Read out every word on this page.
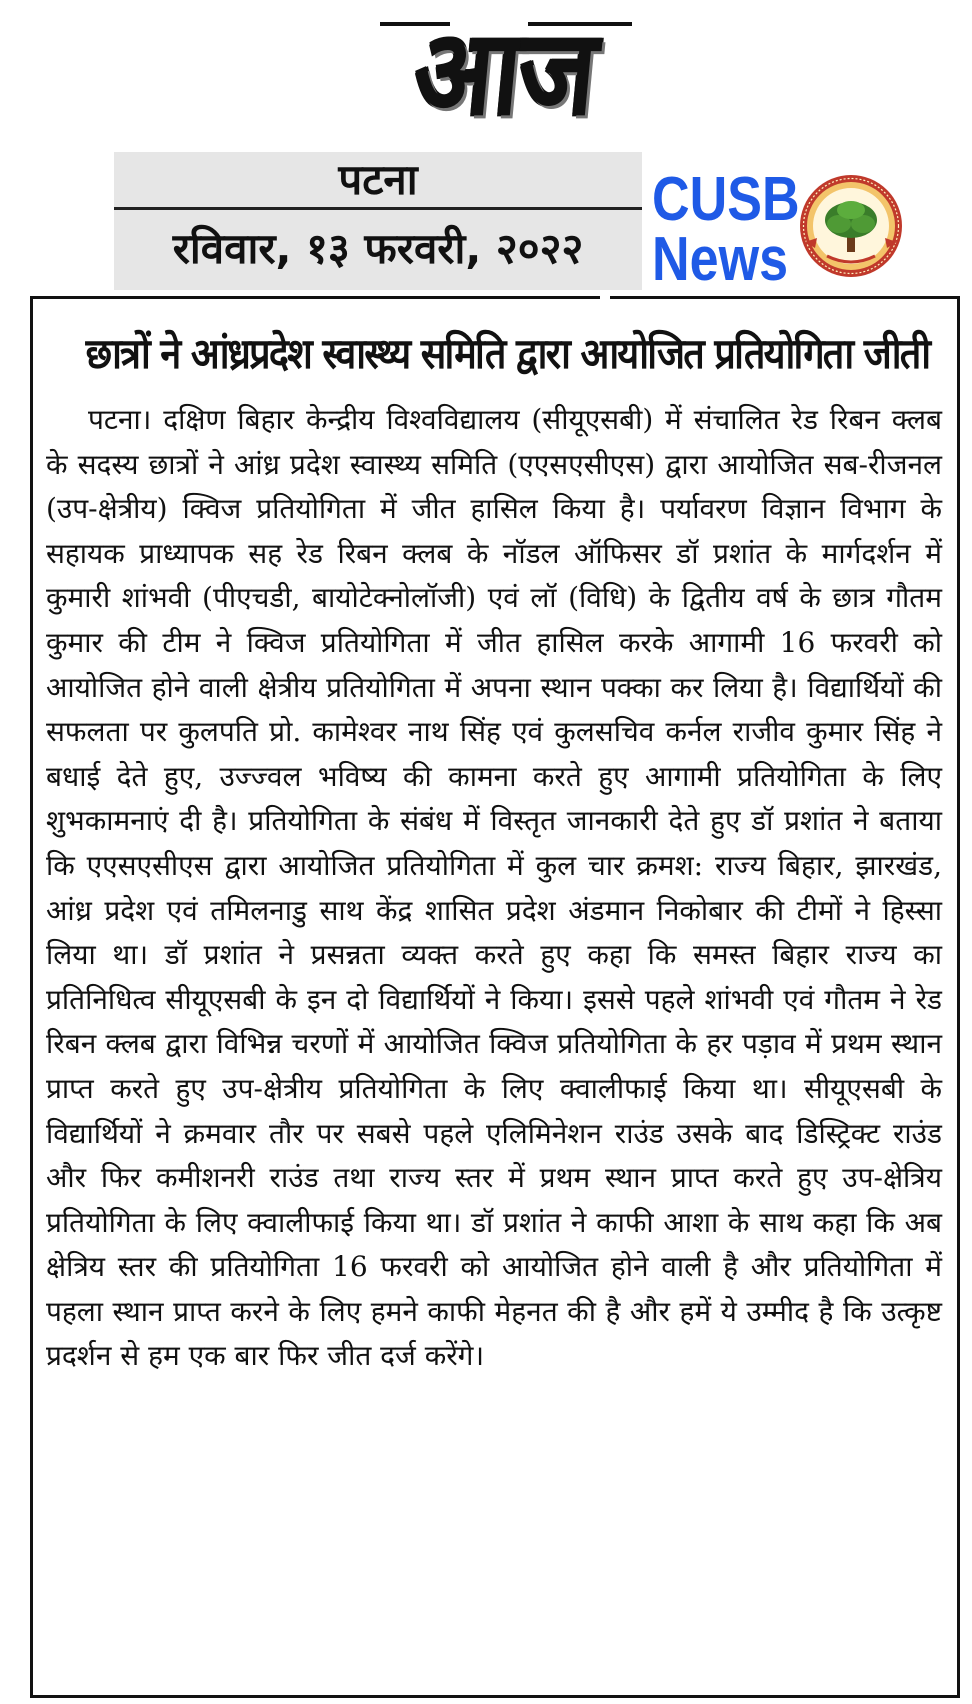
आज
पटना
रविवार, १३ फरवरी, २०२२
CUSB
News
छात्रों ने आंध्रप्रदेश स्वास्थ्य समिति द्वारा आयोजित प्रतियोगिता जीती
पटना। दक्षिण बिहार केन्द्रीय विश्वविद्यालय (सीयूएसबी) में संचालित रेड रिबन क्लब के सदस्य छात्रों ने आंध्र प्रदेश स्वास्थ्य समिति (एएसएसीएस) द्वारा आयोजित सब-रीजनल (उप-क्षेत्रीय) क्विज प्रतियोगिता में जीत हासिल किया है। पर्यावरण विज्ञान विभाग के सहायक प्राध्यापक सह रेड रिबन क्लब के नॉडल ऑफिसर डॉ प्रशांत के मार्गदर्शन में कुमारी शांभवी (पीएचडी, बायोटेक्नोलॉजी) एवं लॉ (विधि) के द्वितीय वर्ष के छात्र गौतम कुमार की टीम ने क्विज प्रतियोगिता में जीत हासिल करके आगामी 16 फरवरी को आयोजित होने वाली क्षेत्रीय प्रतियोगिता में अपना स्थान पक्का कर लिया है। विद्यार्थियों की सफलता पर कुलपति प्रो. कामेश्वर नाथ सिंह एवं कुलसचिव कर्नल राजीव कुमार सिंह ने बधाई देते हुए, उज्ज्वल भविष्य की कामना करते हुए आगामी प्रतियोगिता के लिए शुभकामनाएं दी है। प्रतियोगिता के संबंध में विस्तृत जानकारी देते हुए डॉ प्रशांत ने बताया कि एएसएसीएस द्वारा आयोजित प्रतियोगिता में कुल चार क्रमश: राज्य बिहार, झारखंड, आंध्र प्रदेश एवं तमिलनाडु साथ केंद्र शासित प्रदेश अंडमान निकोबार की टीमों ने हिस्सा लिया था। डॉ प्रशांत ने प्रसन्नता व्यक्त करते हुए कहा कि समस्त बिहार राज्य का प्रतिनिधित्व सीयूएसबी के इन दो विद्यार्थियों ने किया। इससे पहले शांभवी एवं गौतम ने रेड रिबन क्लब द्वारा विभिन्न चरणों में आयोजित क्विज प्रतियोगिता के हर पड़ाव में प्रथम स्थान प्राप्त करते हुए उप-क्षेत्रीय प्रतियोगिता के लिए क्वालीफाई किया था। सीयूएसबी के विद्यार्थियों ने क्रमवार तौर पर सबसे पहले एलिमिनेशन राउंड उसके बाद डिस्ट्रिक्ट राउंड और फिर कमीशनरी राउंड तथा राज्य स्तर में प्रथम स्थान प्राप्त करते हुए उप-क्षेत्रिय प्रतियोगिता के लिए क्वालीफाई किया था। डॉ प्रशांत ने काफी आशा के साथ कहा कि अब क्षेत्रिय स्तर की प्रतियोगिता 16 फरवरी को आयोजित होने वाली है और प्रतियोगिता में पहला स्थान प्राप्त करने के लिए हमने काफी मेहनत की है और हमें ये उम्मीद है कि उत्कृष्ट प्रदर्शन से हम एक बार फिर जीत दर्ज करेंगे।
